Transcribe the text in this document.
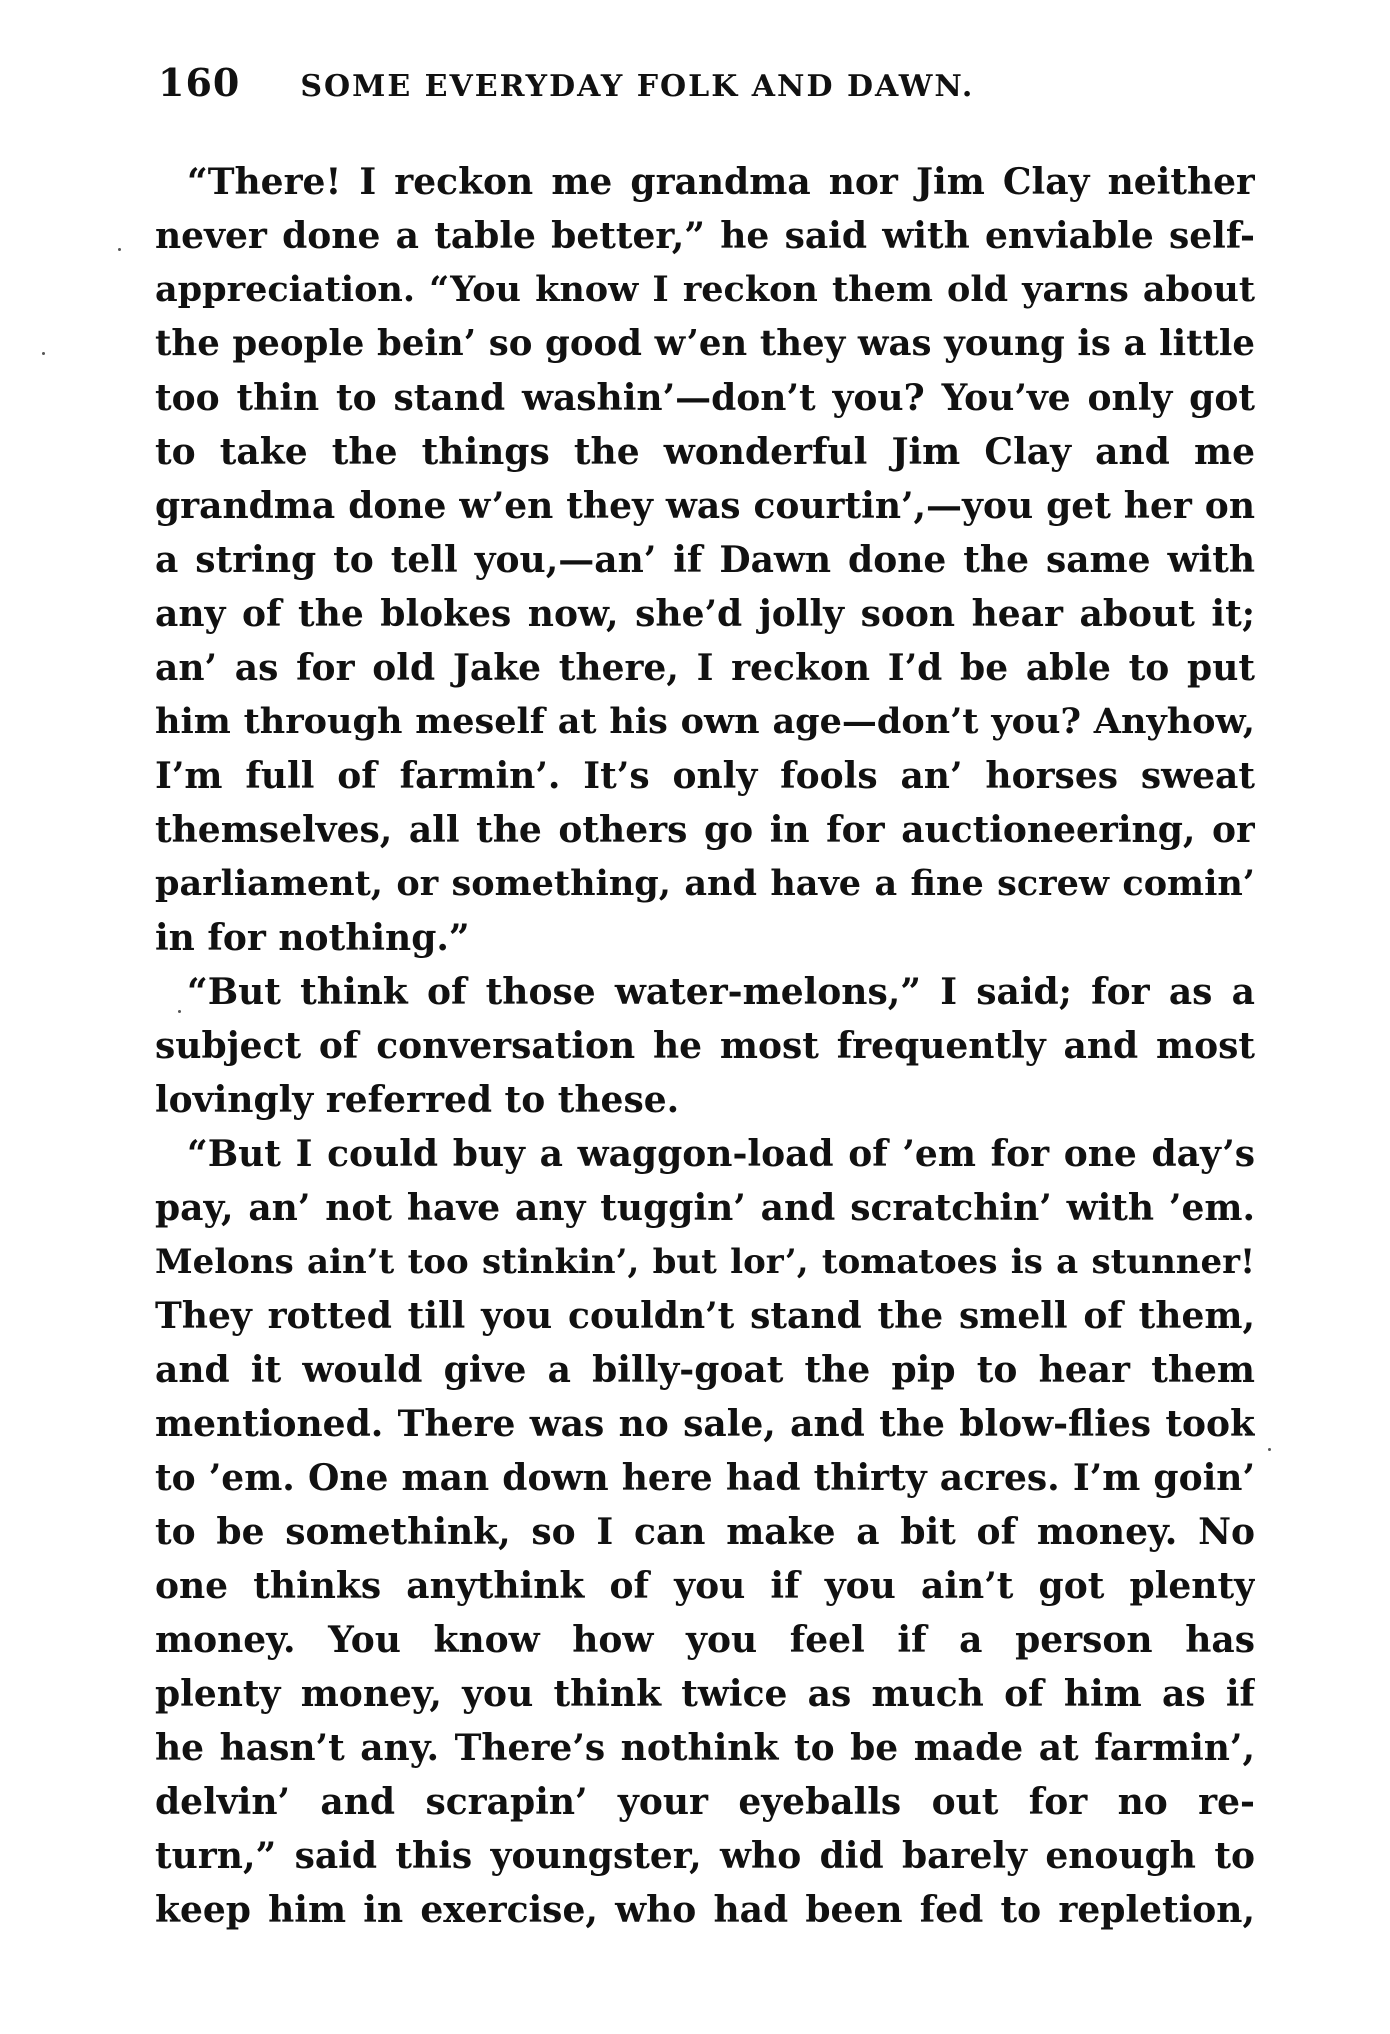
160 SOME EVERYDAY FOLK AND DAWN.
“There! I reckon me grandma nor Jim Clay neither
never done a table better,” he said with enviable self-
appreciation. “You know I reckon them old yarns about
the people bein’ so good w’en they was young is a little
too thin to stand washin’—don’t you? You’ve only got
to take the things the wonderful Jim Clay and me
grandma done w’en they was courtin’,—you get her on
a string to tell you,—an’ if Dawn done the same with
any of the blokes now, she’d jolly soon hear about it;
an’ as for old Jake there, I reckon I’d be able to put
him through meself at his own age—don’t you? Anyhow,
I’m full of farmin’. It’s only fools an’ horses sweat
themselves, all the others go in for auctioneering, or
parliament, or something, and have a fine screw comin’
in for nothing.”
“But think of those water-melons,” I said; for as a
subject of conversation he most frequently and most
lovingly referred to these.
“But I could buy a waggon-load of ’em for one day’s
pay, an’ not have any tuggin’ and scratchin’ with ’em.
Melons ain’t too stinkin’, but lor’, tomatoes is a stunner!
They rotted till you couldn’t stand the smell of them,
and it would give a billy-goat the pip to hear them
mentioned. There was no sale, and the blow-flies took
to ’em. One man down here had thirty acres. I’m goin’
to be somethink, so I can make a bit of money. No
one thinks anythink of you if you ain’t got plenty
money. You know how you feel if a person has
plenty money, you think twice as much of him as if
he hasn’t any. There’s nothink to be made at farmin’,
delvin’ and scrapin’ your eyeballs out for no re-
turn,” said this youngster, who did barely enough to
keep him in exercise, who had been fed to repletion,
